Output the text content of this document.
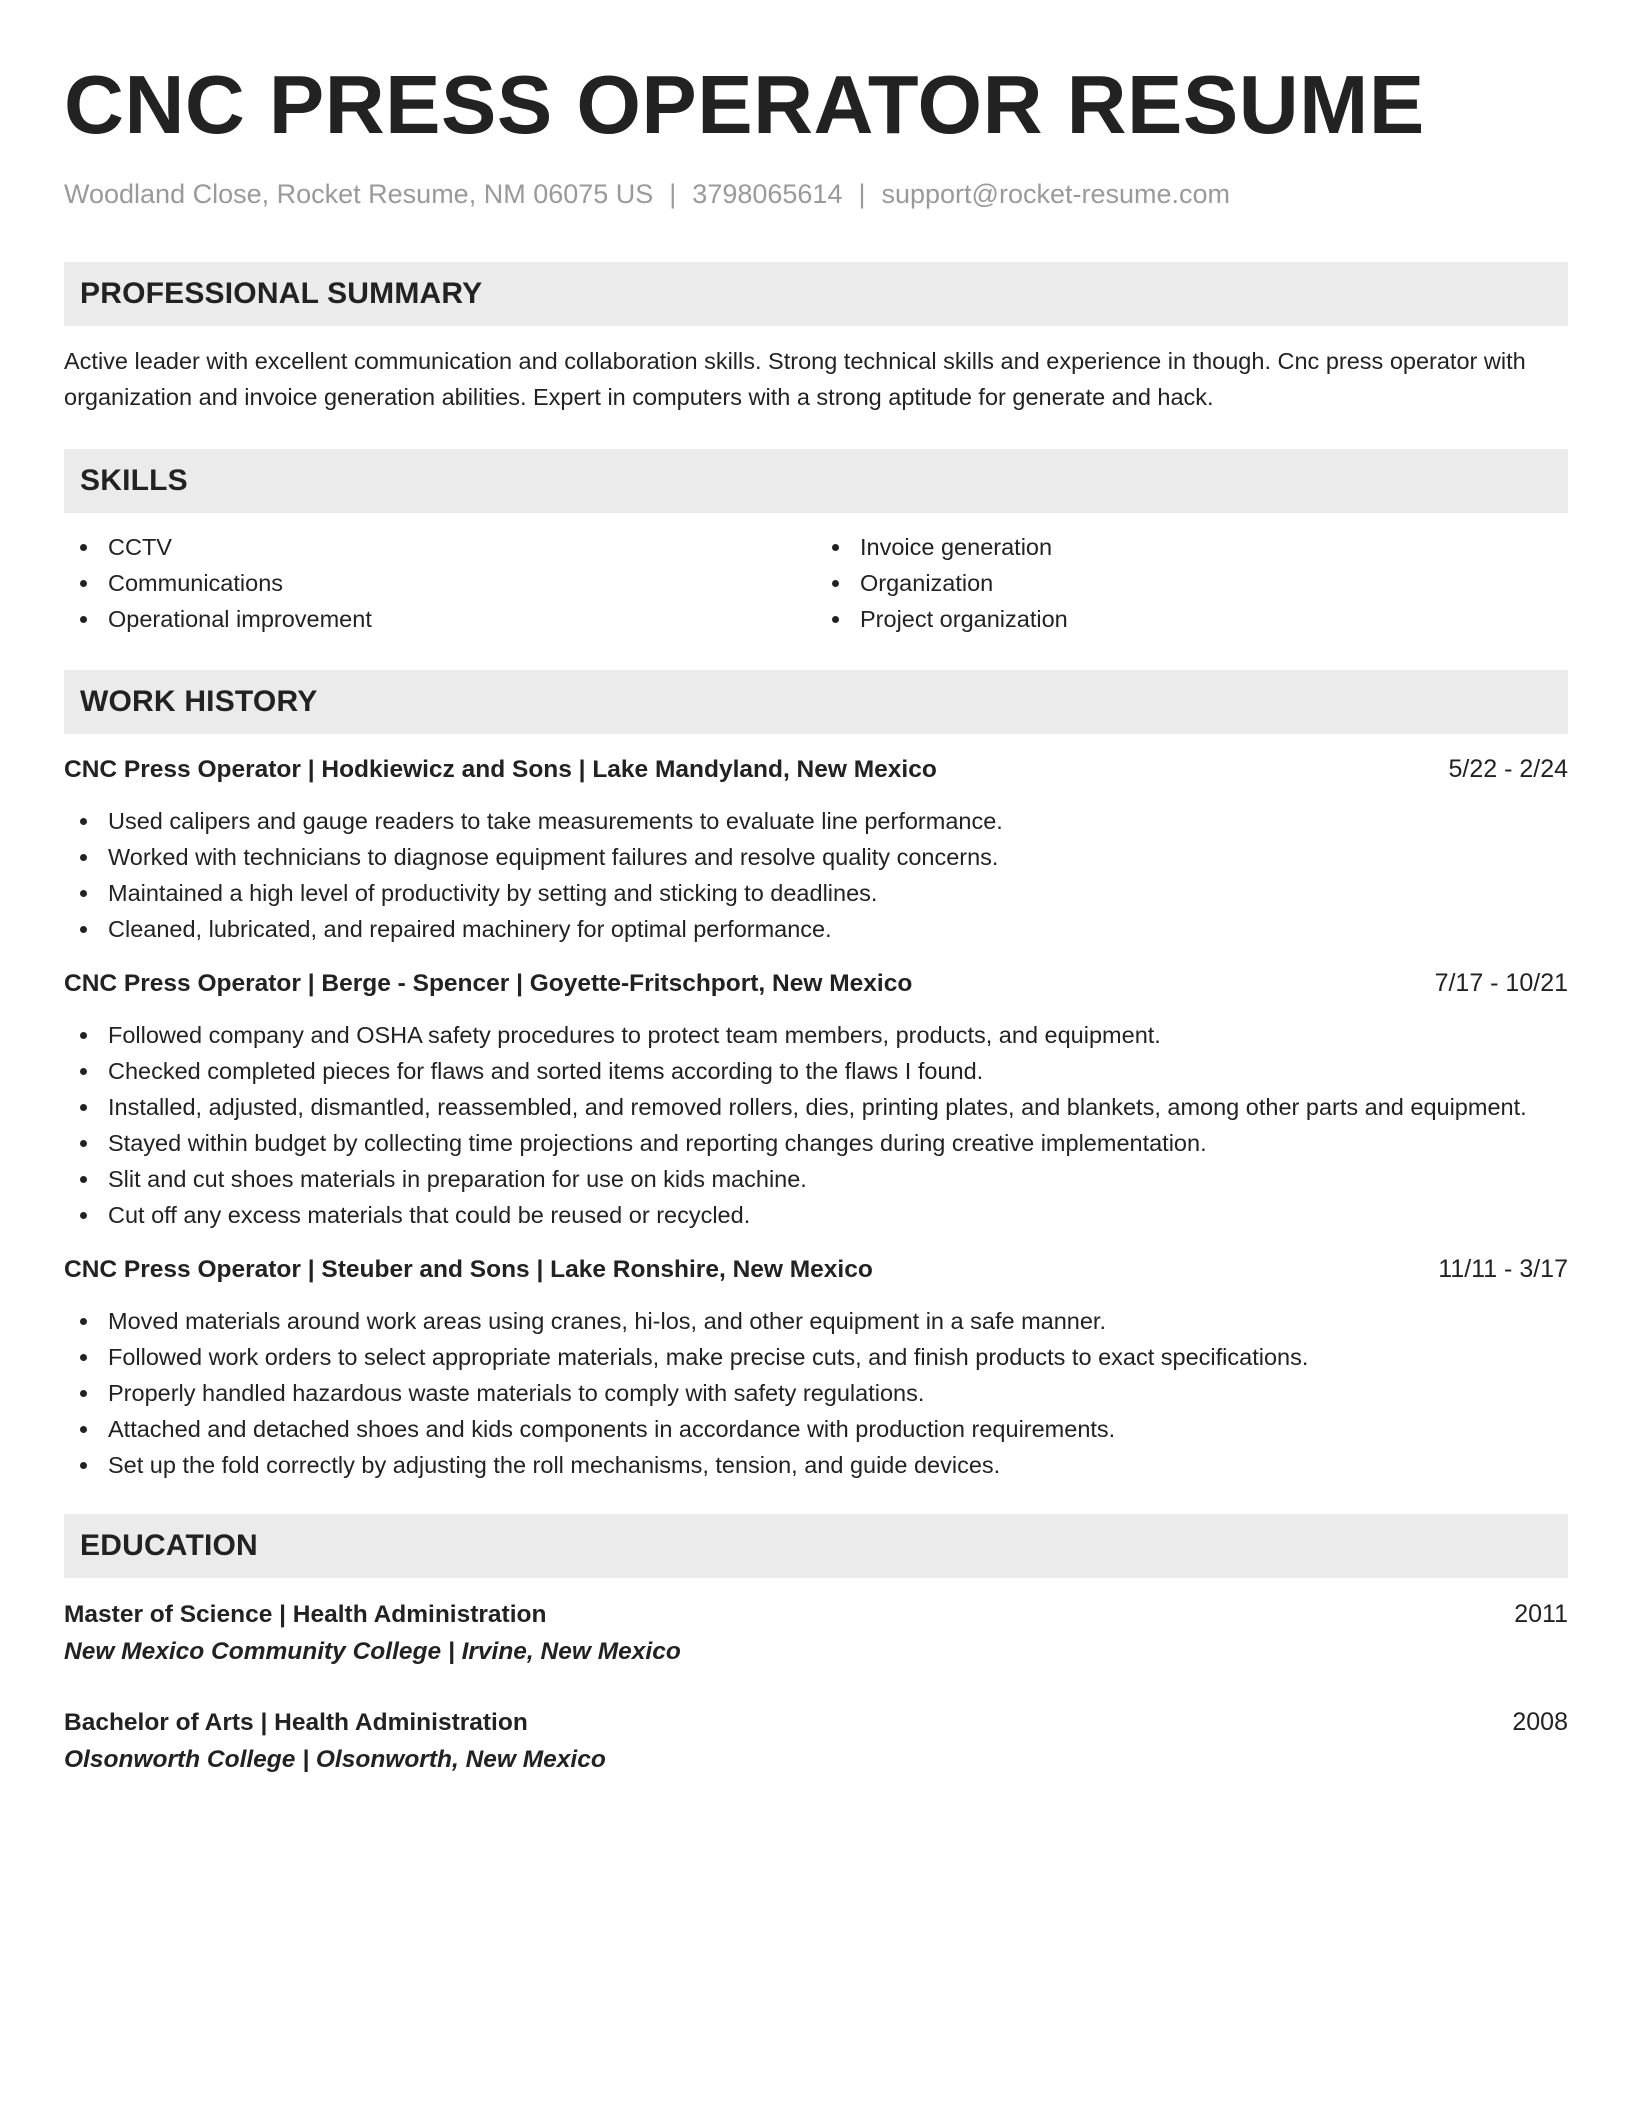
CNC PRESS OPERATOR RESUME
Woodland Close, Rocket Resume, NM 06075 US | 3798065614 | support@rocket-resume.com
PROFESSIONAL SUMMARY
Active leader with excellent communication and collaboration skills. Strong technical skills and experience in though. Cnc press operator with organization and invoice generation abilities. Expert in computers with a strong aptitude for generate and hack.
SKILLS
CCTV
Communications
Operational improvement
Invoice generation
Organization
Project organization
WORK HISTORY
CNC Press Operator | Hodkiewicz and Sons | Lake Mandyland, New Mexico	5/22 - 2/24
Used calipers and gauge readers to take measurements to evaluate line performance.
Worked with technicians to diagnose equipment failures and resolve quality concerns.
Maintained a high level of productivity by setting and sticking to deadlines.
Cleaned, lubricated, and repaired machinery for optimal performance.
CNC Press Operator | Berge - Spencer | Goyette-Fritschport, New Mexico	7/17 - 10/21
Followed company and OSHA safety procedures to protect team members, products, and equipment.
Checked completed pieces for flaws and sorted items according to the flaws I found.
Installed, adjusted, dismantled, reassembled, and removed rollers, dies, printing plates, and blankets, among other parts and equipment.
Stayed within budget by collecting time projections and reporting changes during creative implementation.
Slit and cut shoes materials in preparation for use on kids machine.
Cut off any excess materials that could be reused or recycled.
CNC Press Operator | Steuber and Sons | Lake Ronshire, New Mexico	11/11 - 3/17
Moved materials around work areas using cranes, hi-los, and other equipment in a safe manner.
Followed work orders to select appropriate materials, make precise cuts, and finish products to exact specifications.
Properly handled hazardous waste materials to comply with safety regulations.
Attached and detached shoes and kids components in accordance with production requirements.
Set up the fold correctly by adjusting the roll mechanisms, tension, and guide devices.
EDUCATION
Master of Science | Health Administration	2011
New Mexico Community College | Irvine, New Mexico
Bachelor of Arts | Health Administration	2008
Olsonworth College | Olsonworth, New Mexico
